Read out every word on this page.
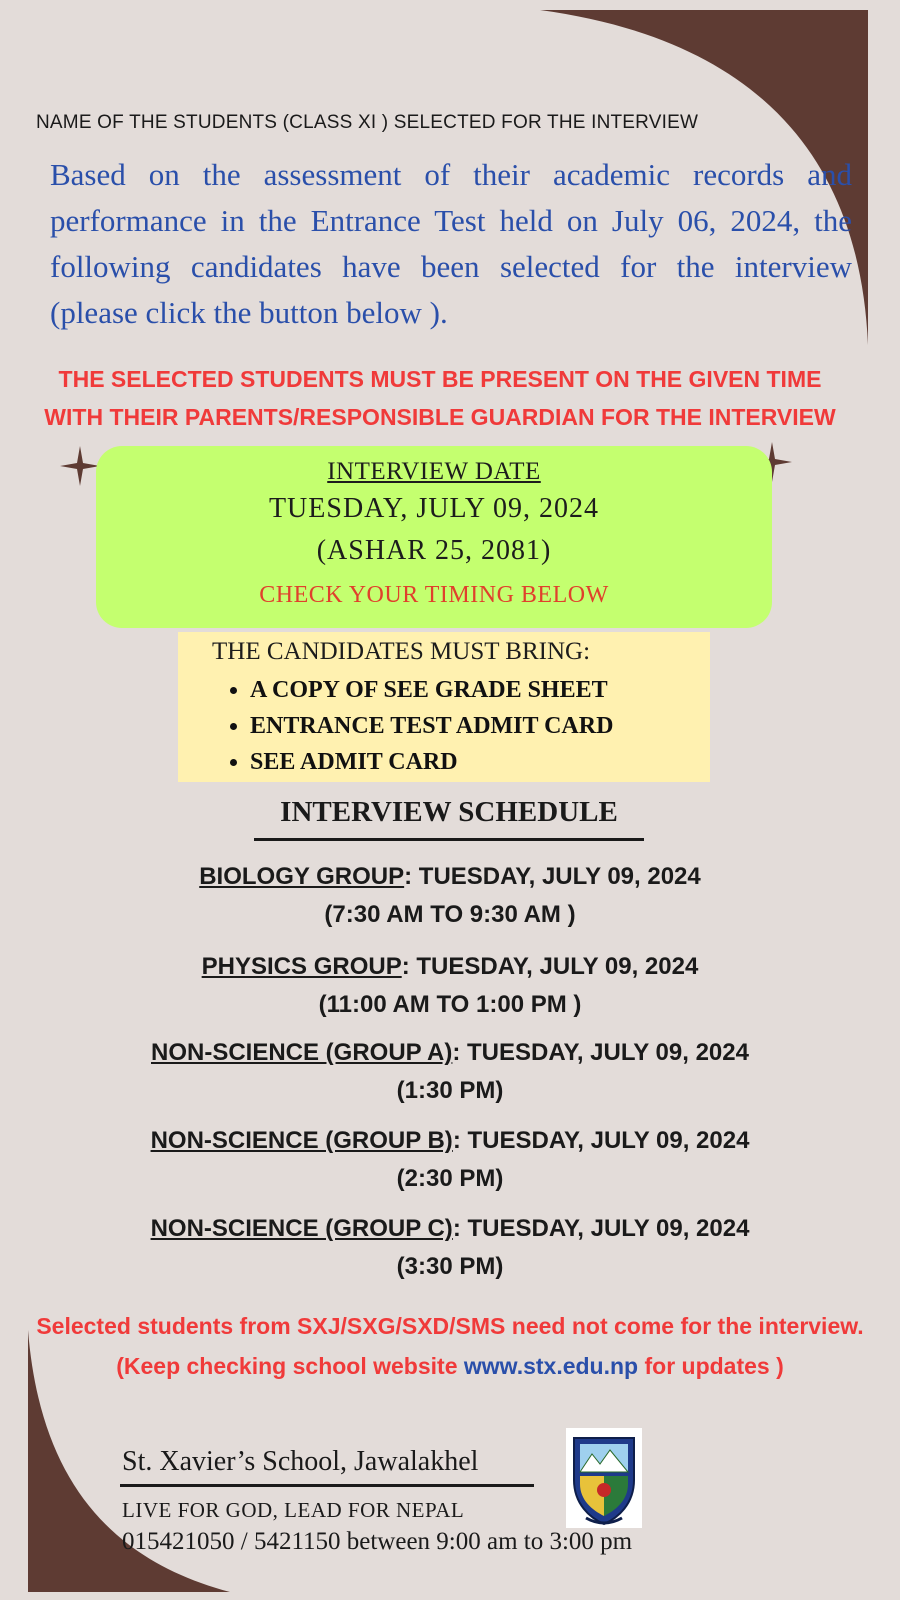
NAME OF THE STUDENTS (CLASS XI ) SELECTED FOR THE INTERVIEW
Based on the assessment of their academic records and performance in the Entrance Test held on July 06, 2024, the following candidates have been selected for the interview (please click the button below ).
THE SELECTED STUDENTS MUST BE PRESENT ON THE GIVEN TIME
WITH THEIR PARENTS/RESPONSIBLE GUARDIAN FOR THE INTERVIEW
INTERVIEW DATE
TUESDAY, JULY 09, 2024
(ASHAR 25, 2081)
CHECK YOUR TIMING BELOW
THE CANDIDATES MUST BRING:
• A COPY OF SEE GRADE SHEET
• ENTRANCE TEST ADMIT CARD
• SEE ADMIT CARD
INTERVIEW SCHEDULE
BIOLOGY GROUP: TUESDAY, JULY 09, 2024
(7:30 AM TO 9:30 AM )
PHYSICS GROUP: TUESDAY, JULY 09, 2024
(11:00 AM TO 1:00 PM )
NON-SCIENCE (GROUP A): TUESDAY, JULY 09, 2024
(1:30 PM)
NON-SCIENCE (GROUP B): TUESDAY, JULY 09, 2024
(2:30 PM)
NON-SCIENCE (GROUP C): TUESDAY, JULY 09, 2024
(3:30 PM)
Selected students from SXJ/SXG/SXD/SMS need not come for the interview.
(Keep checking school website www.stx.edu.np for updates )
St. Xavier’s School, Jawalakhel
LIVE FOR GOD, LEAD FOR NEPAL
015421050 / 5421150 between 9:00 am to 3:00 pm
